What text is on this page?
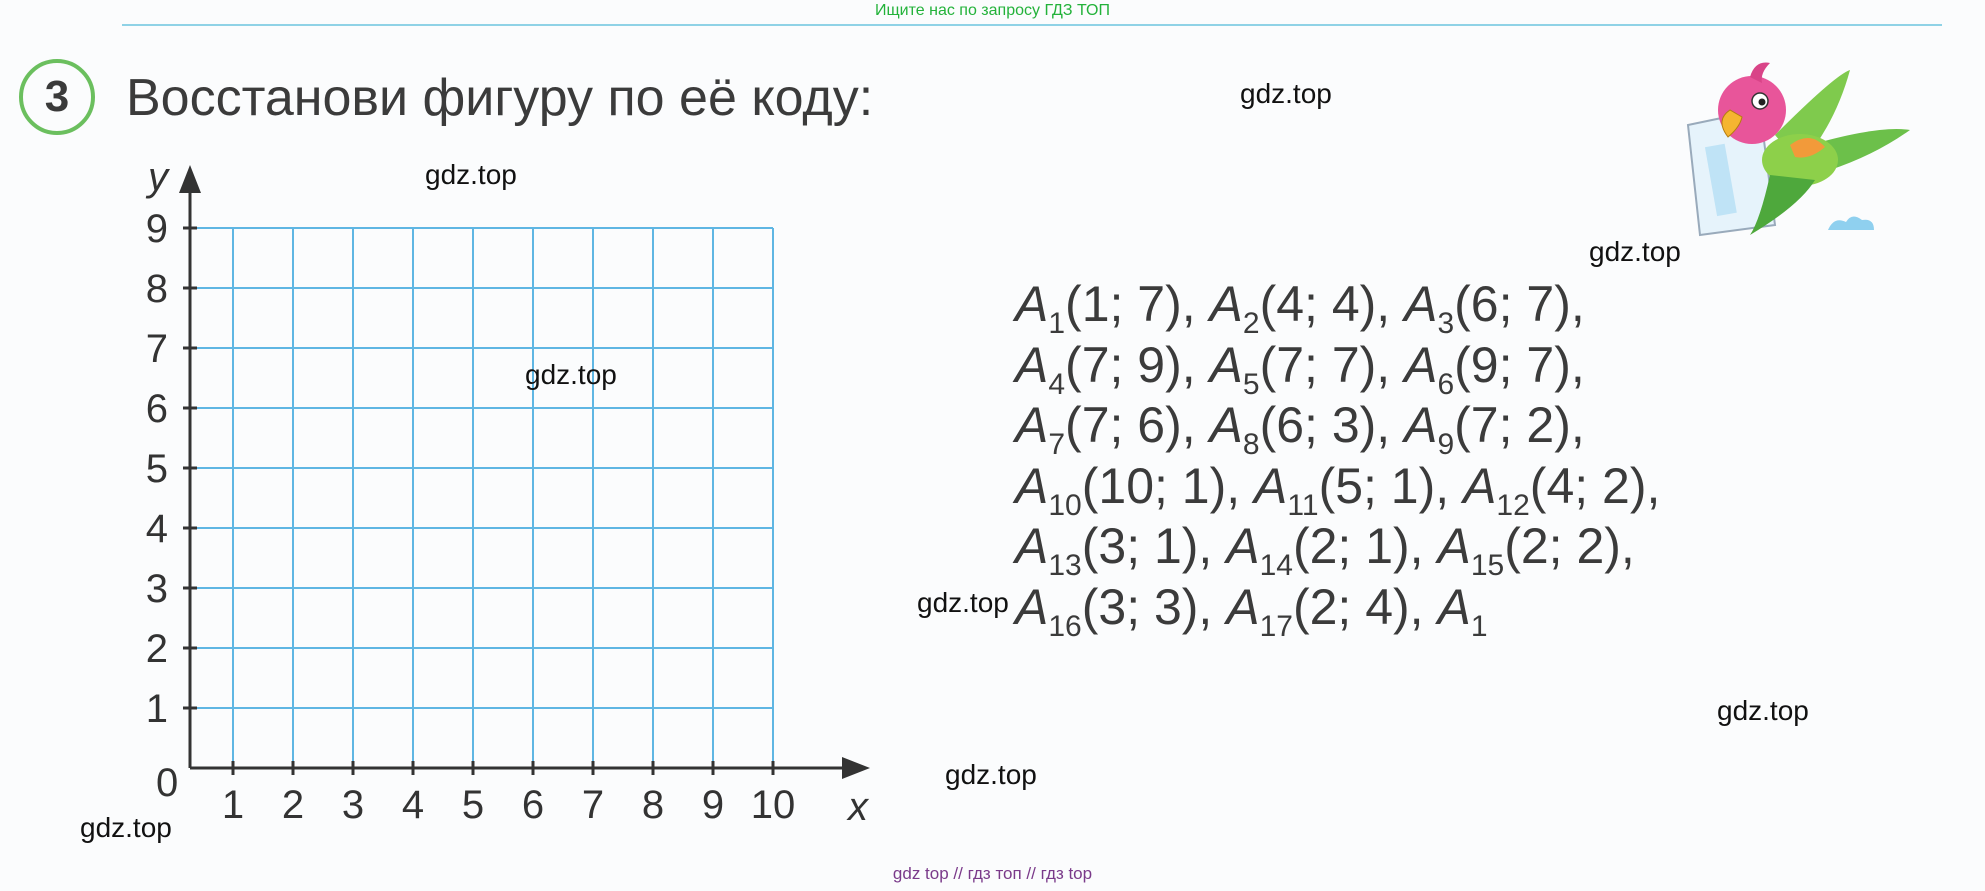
Ищите нас по запросу ГДЗ ТОП
3 Восстанови фигуру по её коду:
1 2 3 4 5 6 7 8 9 10
1
2
3
4
5
6
7
8
9
y
x
0
$A_1(1$; 7), $A_2(4$; 4), $A_3(6$; 7),
$A_4(7$; 9), $A_5(7$; 7), $A_6(9$; 7),
$A_7(7$; 6), $A_8(6$; 3), $A_9(7$; 2),
$A_{10}(10$; 1), $A_{11}(5$; 1), $A_{12}(4$; 2),
$A_{13}(3$; 1), $A_{14}(2$; 1), $A_{15}(2$; 2),
$A_{16}(3$; 3), $A_{17}(2$; 4), $A_1$
gdz.top
gdz.top
gdz.top
gdz.top
gdz.top
gdz.top
gdz.top
gdz.top
gdz top // гдз топ // гдз top
